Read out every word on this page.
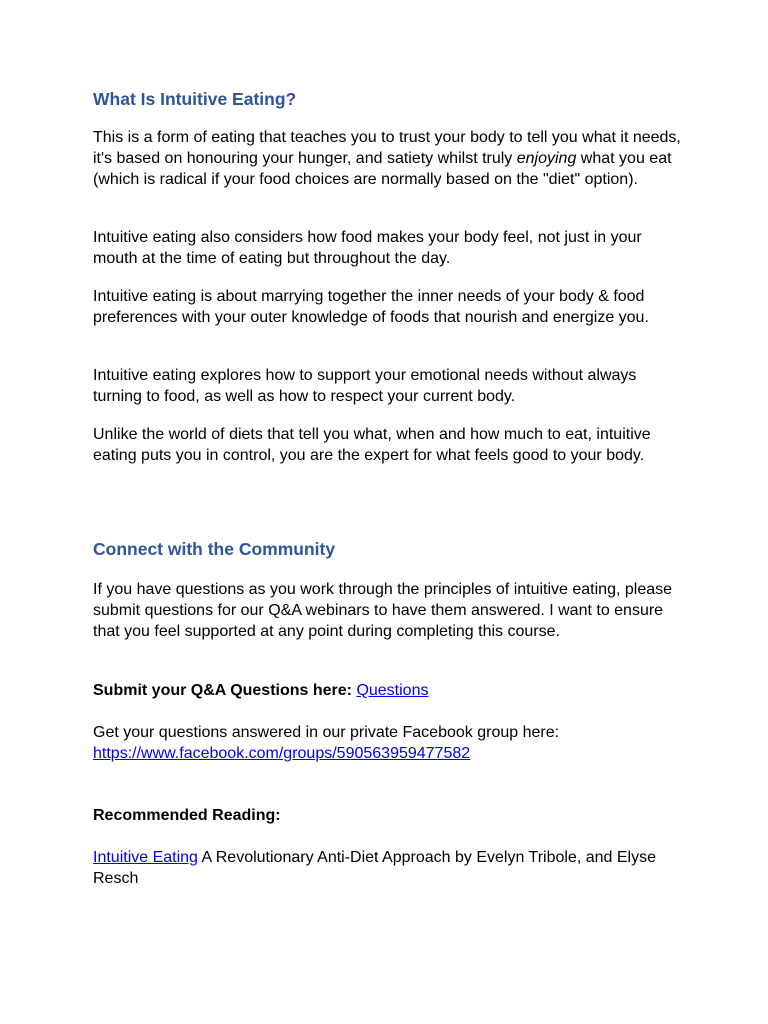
What Is Intuitive Eating?

This is a form of eating that teaches you to trust your body to tell you what it needs, it's based on honouring your hunger, and satiety whilst truly enjoying what you eat (which is radical if your food choices are normally based on the "diet" option).

Intuitive eating also considers how food makes your body feel, not just in your mouth at the time of eating but throughout the day.

Intuitive eating is about marrying together the inner needs of your body & food preferences with your outer knowledge of foods that nourish and energize you.

Intuitive eating explores how to support your emotional needs without always turning to food, as well as how to respect your current body.

Unlike the world of diets that tell you what, when and how much to eat, intuitive eating puts you in control, you are the expert for what feels good to your body.

Connect with the Community

If you have questions as you work through the principles of intuitive eating, please submit questions for our Q&A webinars to have them answered. I want to ensure that you feel supported at any point during completing this course.

Submit your Q&A Questions here: Questions

Get your questions answered in our private Facebook group here:
https://www.facebook.com/groups/590563959477582

Recommended Reading:

Intuitive Eating A Revolutionary Anti-Diet Approach by Evelyn Tribole, and Elyse Resch
